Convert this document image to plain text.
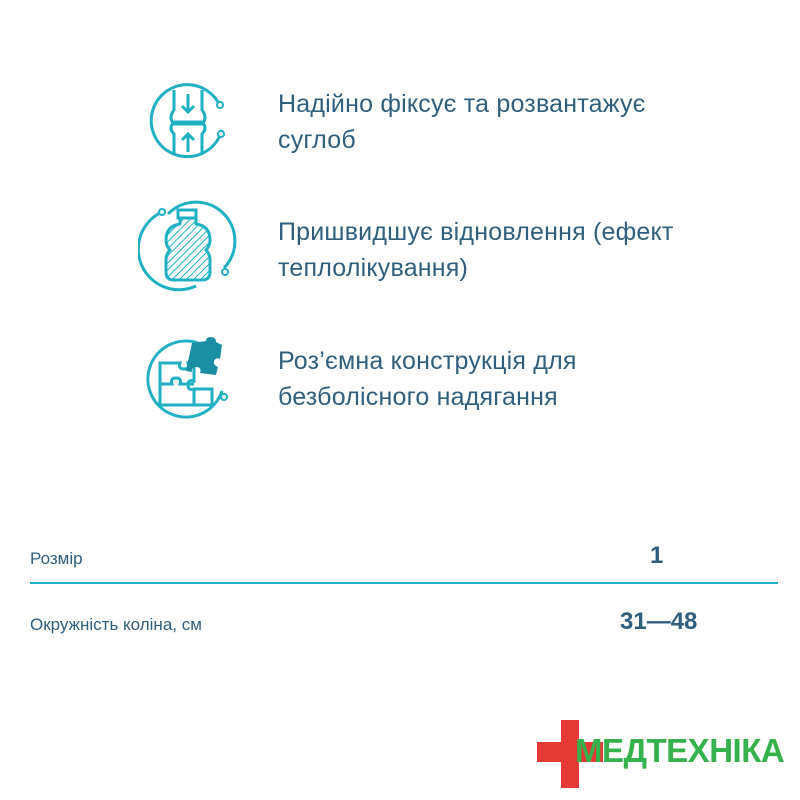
Надійно фіксує та розвантажує
суглоб
Пришвидшує відновлення (ефект
теплолікування)
Роз’ємна конструкція для
безболісного надягання
Розмір	1
Окружність коліна, см	31—48
МЕДТЕХНІКА
